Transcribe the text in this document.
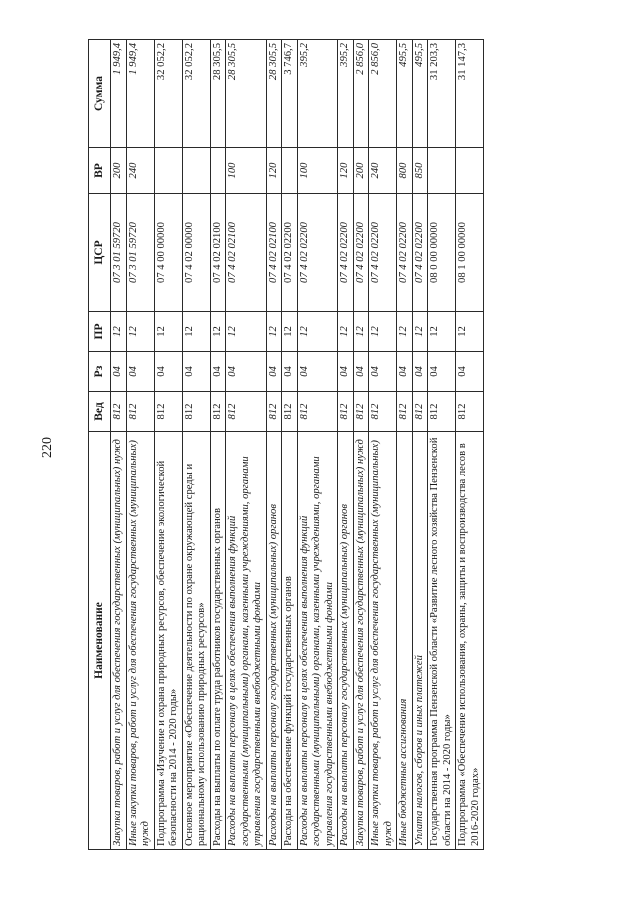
220
Наименование	Вед	Рз	ПР	ЦСР	ВР	Сумма
Закупка товаров, работ и услуг для обеспечения государственных (муниципальных) нужд	812	04	12	07 3 01 59720	200	1 949,4
Иные закупки товаров, работ и услуг для обеспечения государственных (муниципальных) нужд	812	04	12	07 3 01 59720	240	1 949,4
Подпрограмма «Изучение и охрана природных ресурсов, обеспечение экологической безопасности на 2014 - 2020 годы»	812	04	12	07 4 00 00000		32 052,2
Основное мероприятие «Обеспечение деятельности по охране окружающей среды и рациональному использованию природных ресурсов»	812	04	12	07 4 02 00000		32 052,2
Расходы на выплаты по оплате труда работников государственных органов	812	04	12	07 4 02 02100		28 305,5
Расходы на выплаты персоналу в целях обеспечения выполнения функций государственными (муниципальными) органами, казенными учреждениями, органами управления государственными внебюджетными фондами	812	04	12	07 4 02 02100	100	28 305,5
Расходы на выплаты персоналу государственных (муниципальных) органов	812	04	12	07 4 02 02100	120	28 305,5
Расходы на обеспечение функций государственных органов	812	04	12	07 4 02 02200		3 746,7
Расходы на выплаты персоналу в целях обеспечения выполнения функций государственными (муниципальными) органами, казенными учреждениями, органами управления государственными внебюджетными фондами	812	04	12	07 4 02 02200	100	395,2
Расходы на выплаты персоналу государственных (муниципальных) органов	812	04	12	07 4 02 02200	120	395,2
Закупка товаров, работ и услуг для обеспечения государственных (муниципальных) нужд	812	04	12	07 4 02 02200	200	2 856,0
Иные закупки товаров, работ и услуг для обеспечения государственных (муниципальных) нужд	812	04	12	07 4 02 02200	240	2 856,0
Иные бюджетные ассигнования	812	04	12	07 4 02 02200	800	495,5
Уплата налогов, сборов и иных платежей	812	04	12	07 4 02 02200	850	495,5
Государственная программа Пензенской области «Развитие лесного хозяйства Пензенской области на 2014 - 2020 годы»	812	04	12	08 0 00 00000		31 203,3
Подпрограмма «Обеспечение использования, охраны, защиты и воспроизводства лесов в 2016-2020 годах»	812	04	12	08 1 00 00000		31 147,3
